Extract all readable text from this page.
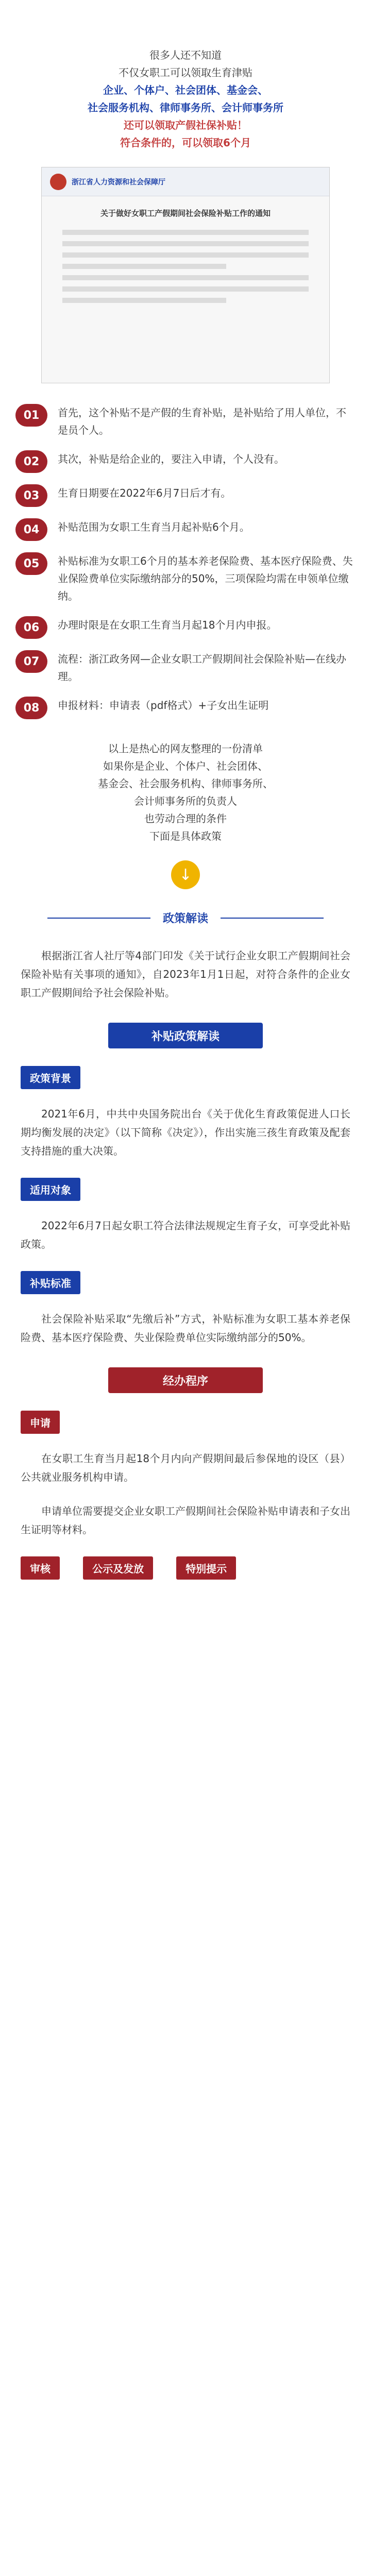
很多人还不知道
不仅女职工可以领取生育津贴
企业、个体户、社会团体、基金会、
社会服务机构、律师事务所、会计师事务所
还可以领取产假社保补贴！
符合条件的，可以领取6个月
浙江省人力资源和社会保障厅
关于做好女职工产假期间社会保险补贴工作的通知
01	首先，这个补贴不是产假的生育补贴，是补贴给了用人单位，不是员个人。
02	其次，补贴是给企业的，要注入申请，个人没有。
03	生育日期要在2022年6月7日后才有。
04	补贴范围为女职工生育当月起补贴6个月。
05	补贴标准为女职工6个月的基本养老保险费、基本医疗保险费、失业保险费单位实际缴纳部分的50%，三项保险均需在申领单位缴纳。
06	办理时限是在女职工生育当月起18个月内申报。
07	流程：浙江政务网—企业女职工产假期间社会保险补贴—在线办理。
08	申报材料：申请表（pdf格式）+子女出生证明
以上是热心的网友整理的一份清单
如果你是企业、个体户、社会团体、
基金会、社会服务机构、律师事务所、
会计师事务所的负责人
也劳动合理的条件
下面是具体政策
↓
政策解读

根据浙江省人社厅等4部门印发《关于试行企业女职工产假期间社会保险补贴有关事项的通知》，自2023年1月1日起，对符合条件的企业女职工产假期间给予社会保险补贴。

补贴政策解读
政策背景

2021年6月，中共中央国务院出台《关于优化生育政策促进人口长期均衡发展的决定》（以下简称《决定》），作出实施三孩生育政策及配套支持措施的重大决策。

适用对象

2022年6月7日起女职工符合法律法规规定生育子女，可享受此补贴政策。

补贴标准

社会保险补贴采取“先缴后补”方式，补贴标准为女职工基本养老保险费、基本医疗保险费、失业保险费单位实际缴纳部分的50%。

经办程序
申请

在女职工生育当月起18个月内向产假期间最后参保地的设区（县）公共就业服务机构申请。

申请单位需要提交企业女职工产假期间社会保险补贴申请表和子女出生证明等材料。

审核	公示及发放	特别提示
